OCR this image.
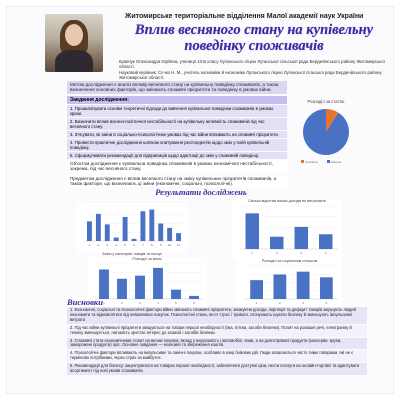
Житомирське територіальне відділення Малої академії наук України
Вплив весняного стану на купівельну поведінку споживачів
Кравчук Олександра Юріївна, учениця 10-Б класу Луганського ліцею Луганської сільської ради Бердичівського району Житомирської області.
Науковий керівник: Сєчко Н. М., учитель економіки й економіки Луганського ліцею Луганської сільської ради Бердичівського району Житомирської області.
Метою дослідження є аналіз впливу весняного стану на купівельну поведінку споживачів, а також визначення основних факторів, що змінюють споживчі пріоритети та поведінку в умовах війни.
Завдання дослідження:
1. Проаналізувати основні теоретичні підходи до вивчення купівельної поведінки споживачів в умовах кризи.
2. Визначити вплив воєнно-політичної нестабільності на купівельну активність споживачів під час весняного стану.
3. З'ясувати, як зміни в соціально-психологічних умовах під час війни впливають на споживчі пріоритети.
4. Провести практичне дослідження шляхом опитування респондентів щодо змін у їхній купівельній поведінці.
5. Сформулювати рекомендації для підприємців щодо адаптації до змін у споживчій поведінці.
Об'єктом дослідження є купівельна поведінка споживачів в умовах економічної нестабільності, зокрема, під час весняного стану.
Предметом дослідження є вплив весняного стану на зміну купівельних пріоритетів споживачів, а також фактори, що визначають ці зміни (економічні, соціальні, психологічні).
Розподіл за статтю
91%
9%
Чоловіча	Жіноча
Результати досліджень
1 2 3 4 5 6 7 8 9 10 11
Зміни у категоріях товарів та послуг
Скільки відсотків ваших доходів ви витрачаєте
1	2	3	4
Розподіл за віком
1	2	3	4	5	6
Розподіл за соціальним статусом
1	2	3	4
Висновки
1. Економічні, соціальні та психологічні фактори війни змінюють споживчі пріоритети, знижуючи доходи, інфляція та дефіцит товарів змушують людей економити та відмовлятися від неважливих покупок. Психологічні стани, як-от стрес і тривога, спонукають шукати безпеку й зменшують імпульсивні витрати.
2. Під час війни купівельні пріоритети зміщуються на товари першої необхідності (їжа, гігієна, засоби безпеки). Попит на розкішні речі, електроніку й техніку зменшується, натомість зростає інтерес до запасів і засобів безпеки.
3. Споживчі стати економічними: попит на великі покупки, вклад у нерухомість і автомобілі, впав, а на довготривалі продукти (консерви, крупи, заморожені продукти) зріс. Основне завдання — економія та збереження коштів.
4. Психологічні фактори впливають на імпульсивні та панічні покупки, особливо в кінці бойових дій. Люди запасаються часто тими товарами, які не є терміново потрібними, через страх за майбутнє.
5. Рекомендації для бізнесу: акцентуватися на товарах першої необхідності, забезпечити доступні ціни, нести послуги на онлайн-торгівлі та адаптувати асортимент під нові умови споживачів.
